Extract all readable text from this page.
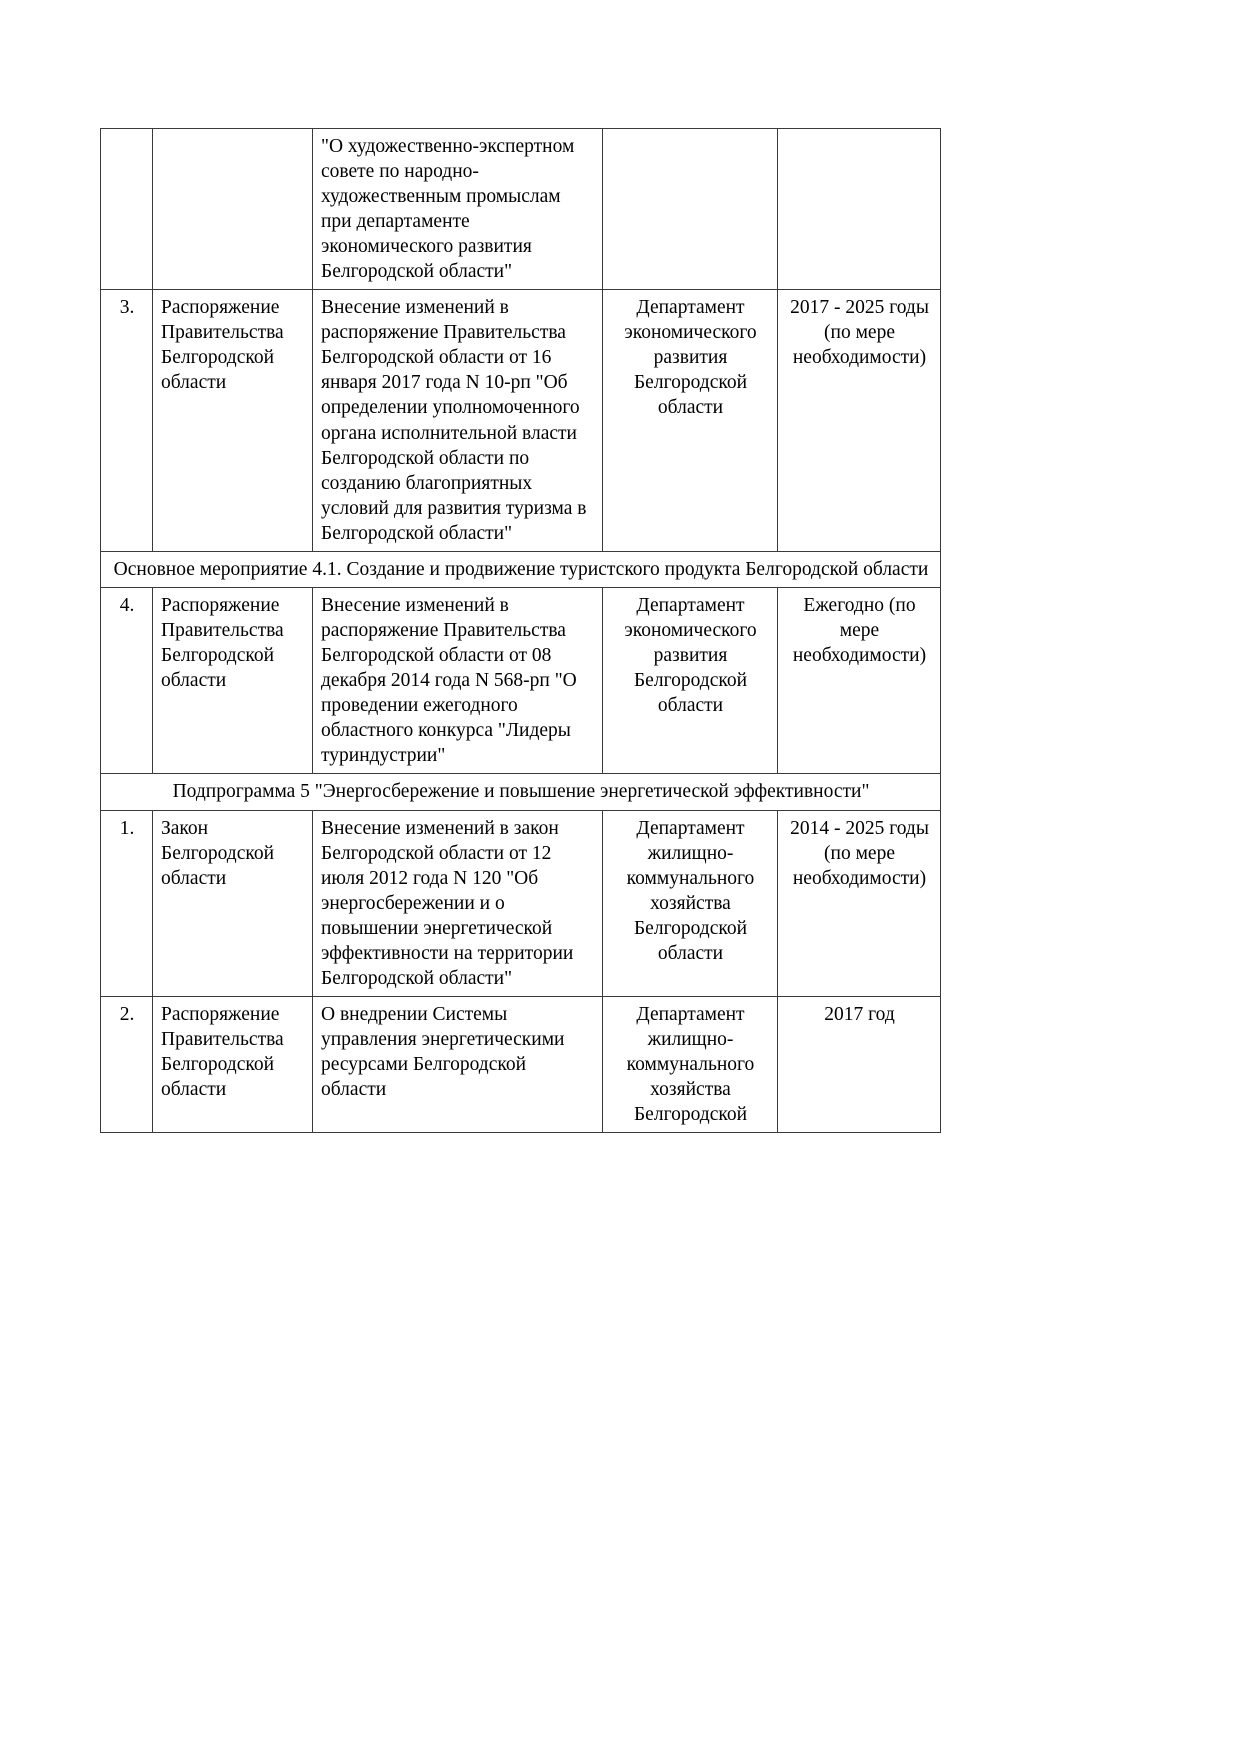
		"О художественно-экспертном совете по народно-художественным промыслам при департаменте экономического развития Белгородской области"		

3.	Распоряжение Правительства Белгородской области	Внесение изменений в распоряжение Правительства Белгородской области от 16 января 2017 года N 10-рп "Об определении уполномоченного органа исполнительной власти Белгородской области по созданию благоприятных условий для развития туризма в Белгородской области"	Департамент экономического развития Белгородской области	2017 - 2025 годы (по мере необходимости)

Основное мероприятие 4.1. Создание и продвижение туристского продукта Белгородской области				

4.	Распоряжение Правительства Белгородской области	Внесение изменений в распоряжение Правительства Белгородской области от 08 декабря 2014 года N 568-рп "О проведении ежегодного областного конкурса "Лидеры туриндустрии"	Департамент экономического развития Белгородской области	Ежегодно (по мере необходимости)

Подпрограмма 5 "Энергосбережение и повышение энергетической эффективности"				

1.	Закон Белгородской области	Внесение изменений в закон Белгородской области от 12 июля 2012 года N 120 "Об энергосбережении и о повышении энергетической эффективности на территории Белгородской области"	Департамент жилищно-коммунального хозяйства Белгородской области	2014 - 2025 годы (по мере необходимости)

2.	Распоряжение Правительства Белгородской области	О внедрении Системы управления энергетическими ресурсами Белгородской области	Департамент жилищно-коммунального хозяйства Белгородской	2017 год
